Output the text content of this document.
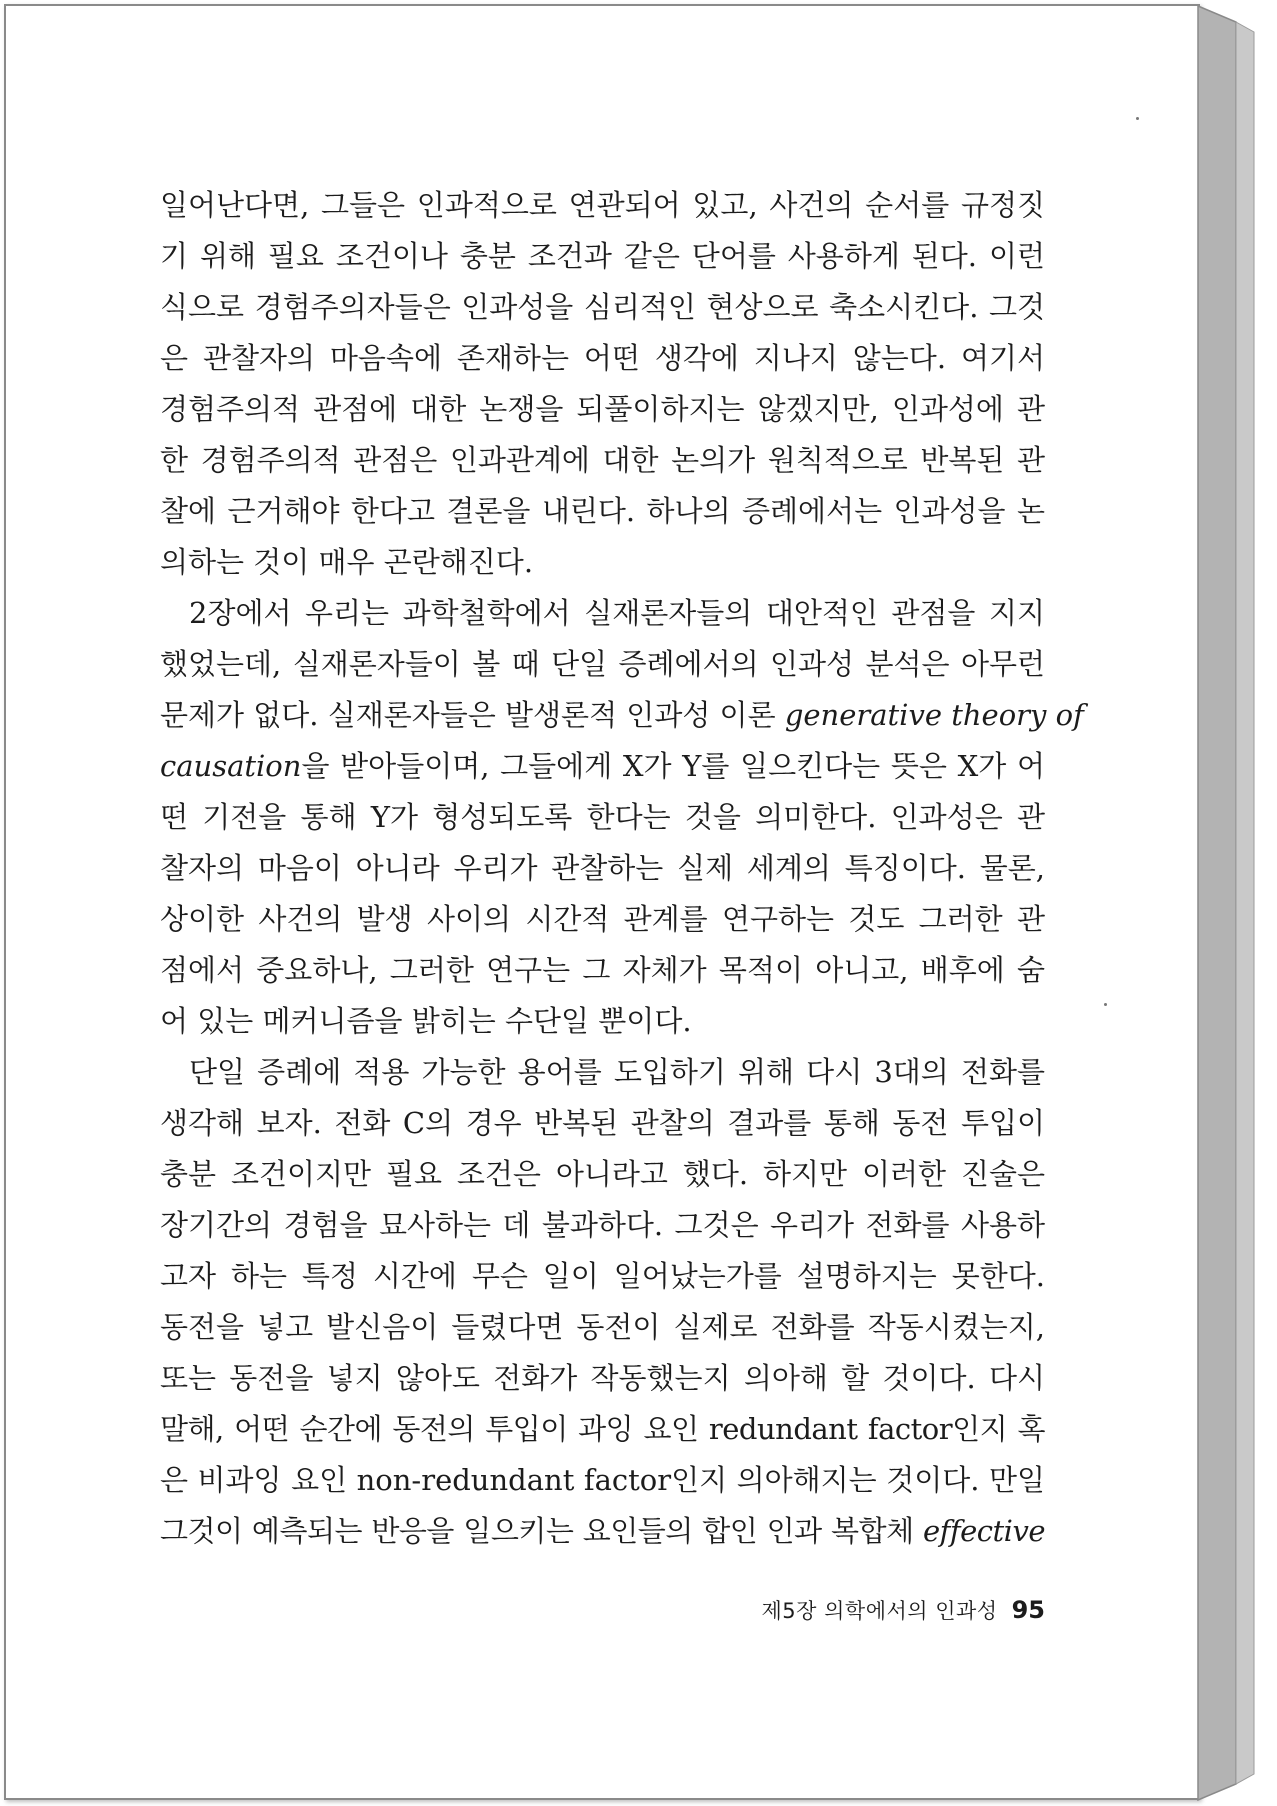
일어난다면, 그들은 인과적으로 연관되어 있고, 사건의 순서를 규정짓
기 위해 필요 조건이나 충분 조건과 같은 단어를 사용하게 된다. 이런
식으로 경험주의자들은 인과성을 심리적인 현상으로 축소시킨다. 그것
은 관찰자의 마음속에 존재하는 어떤 생각에 지나지 않는다. 여기서
경험주의적 관점에 대한 논쟁을 되풀이하지는 않겠지만, 인과성에 관
한 경험주의적 관점은 인과관계에 대한 논의가 원칙적으로 반복된 관
찰에 근거해야 한다고 결론을 내린다. 하나의 증례에서는 인과성을 논
의하는 것이 매우 곤란해진다.
2장에서 우리는 과학철학에서 실재론자들의 대안적인 관점을 지지
했었는데, 실재론자들이 볼 때 단일 증례에서의 인과성 분석은 아무런
문제가 없다. 실재론자들은 발생론적 인과성 이론 generative theory of
causation을 받아들이며, 그들에게 X가 Y를 일으킨다는 뜻은 X가 어
떤 기전을 통해 Y가 형성되도록 한다는 것을 의미한다. 인과성은 관
찰자의 마음이 아니라 우리가 관찰하는 실제 세계의 특징이다. 물론,
상이한 사건의 발생 사이의 시간적 관계를 연구하는 것도 그러한 관
점에서 중요하나, 그러한 연구는 그 자체가 목적이 아니고, 배후에 숨
어 있는 메커니즘을 밝히는 수단일 뿐이다.
단일 증례에 적용 가능한 용어를 도입하기 위해 다시 3대의 전화를
생각해 보자. 전화 C의 경우 반복된 관찰의 결과를 통해 동전 투입이
충분 조건이지만 필요 조건은 아니라고 했다. 하지만 이러한 진술은
장기간의 경험을 묘사하는 데 불과하다. 그것은 우리가 전화를 사용하
고자 하는 특정 시간에 무슨 일이 일어났는가를 설명하지는 못한다.
동전을 넣고 발신음이 들렸다면 동전이 실제로 전화를 작동시켰는지,
또는 동전을 넣지 않아도 전화가 작동했는지 의아해 할 것이다. 다시
말해, 어떤 순간에 동전의 투입이 과잉 요인 redundant factor인지 혹
은 비과잉 요인 non-redundant factor인지 의아해지는 것이다. 만일
그것이 예측되는 반응을 일으키는 요인들의 합인 인과 복합체 effective
제5장 의학에서의 인과성 95
